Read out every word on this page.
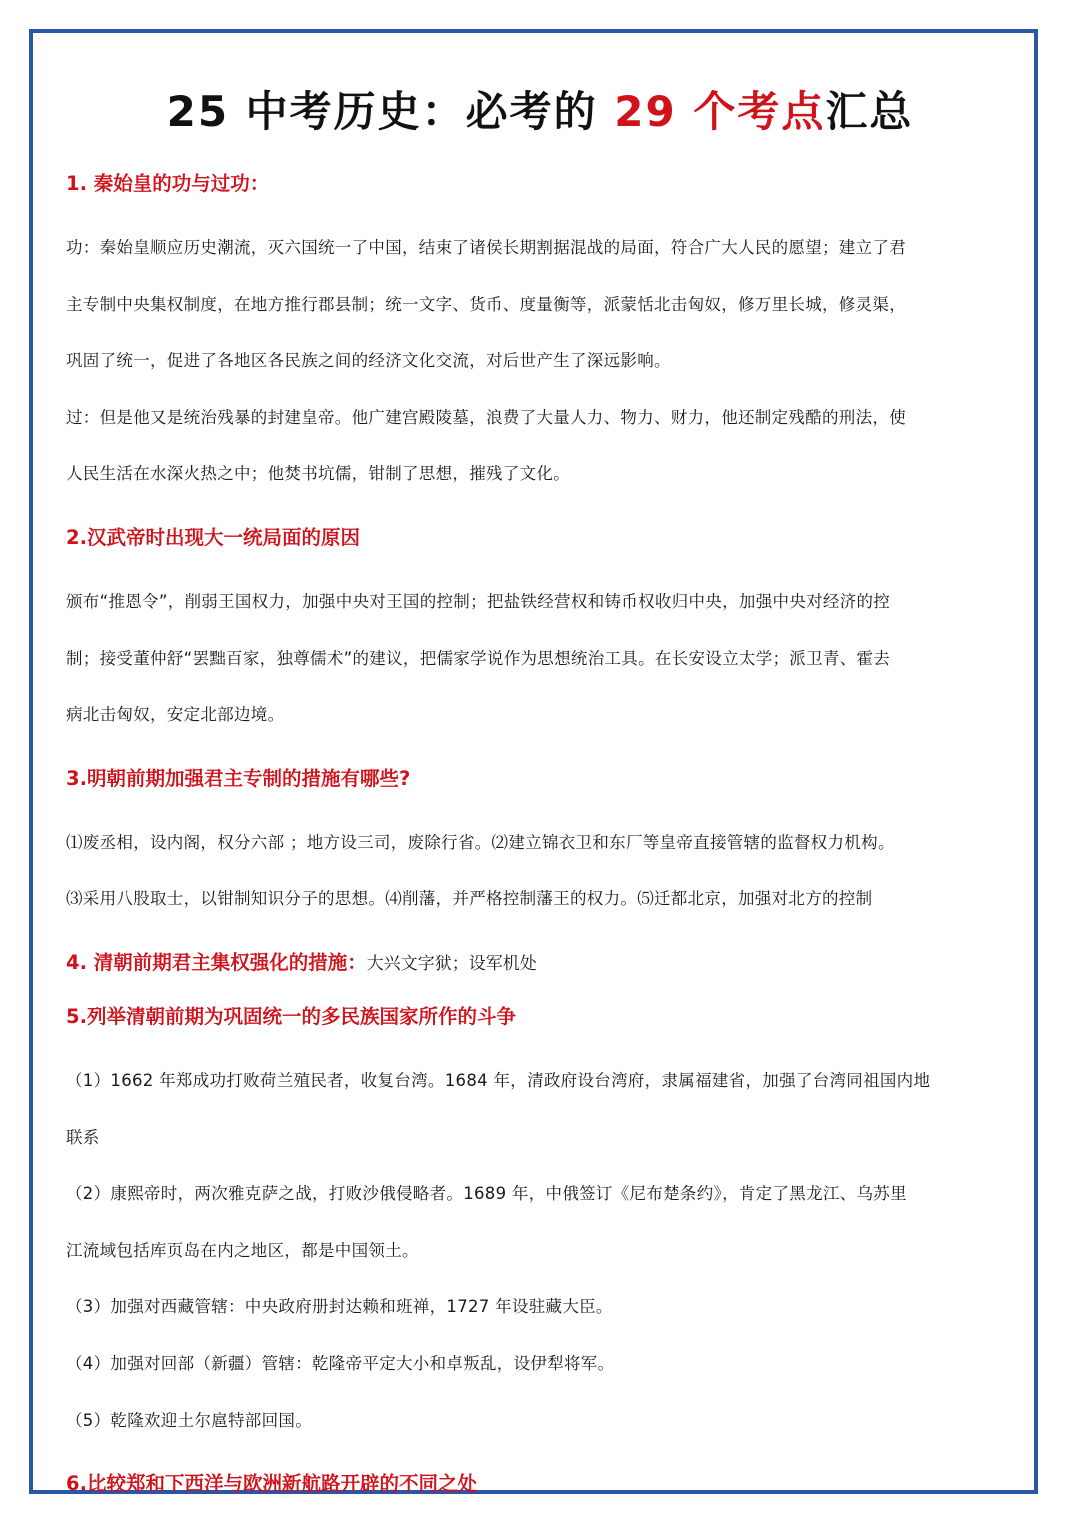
25 中考历史：必考的 29 个考点汇总
1. 秦始皇的功与过功：
功：秦始皇顺应历史潮流，灭六国统一了中国，结束了诸侯长期割据混战的局面，符合广大人民的愿望；建立了君
主专制中央集权制度，在地方推行郡县制；统一文字、货币、度量衡等，派蒙恬北击匈奴，修万里长城，修灵渠，
巩固了统一，促进了各地区各民族之间的经济文化交流，对后世产生了深远影响。
过：但是他又是统治残暴的封建皇帝。他广建宫殿陵墓，浪费了大量人力、物力、财力，他还制定残酷的刑法，使
人民生活在水深火热之中；他焚书坑儒，钳制了思想，摧残了文化。
2.汉武帝时出现大一统局面的原因
颁布“推恩令”，削弱王国权力，加强中央对王国的控制；把盐铁经营权和铸币权收归中央，加强中央对经济的控
制；接受董仲舒“罢黜百家，独尊儒术”的建议，把儒家学说作为思想统治工具。在长安设立太学；派卫青、霍去
病北击匈奴，安定北部边境。
3.明朝前期加强君主专制的措施有哪些?
⑴废丞相，设内阁，权分六部 ；地方设三司，废除行省。⑵建立锦衣卫和东厂等皇帝直接管辖的监督权力机构。
⑶采用八股取士，以钳制知识分子的思想。⑷削藩，并严格控制藩王的权力。⑸迁都北京，加强对北方的控制
4. 清朝前期君主集权强化的措施：大兴文字狱；设军机处
5.列举清朝前期为巩固统一的多民族国家所作的斗争
（1）1662 年郑成功打败荷兰殖民者，收复台湾。1684 年，清政府设台湾府，隶属福建省，加强了台湾同祖国内地
联系
（2）康熙帝时，两次雅克萨之战，打败沙俄侵略者。1689 年，中俄签订《尼布楚条约》，肯定了黑龙江、乌苏里
江流域包括库页岛在内之地区，都是中国领土。
（3）加强对西藏管辖：中央政府册封达赖和班禅，1727 年设驻藏大臣。
（4）加强对回部（新疆）管辖：乾隆帝平定大小和卓叛乱，设伊犁将军。
（5）乾隆欢迎土尔扈特部回国。
6.比较郑和下西洋与欧洲新航路开辟的不同之处
